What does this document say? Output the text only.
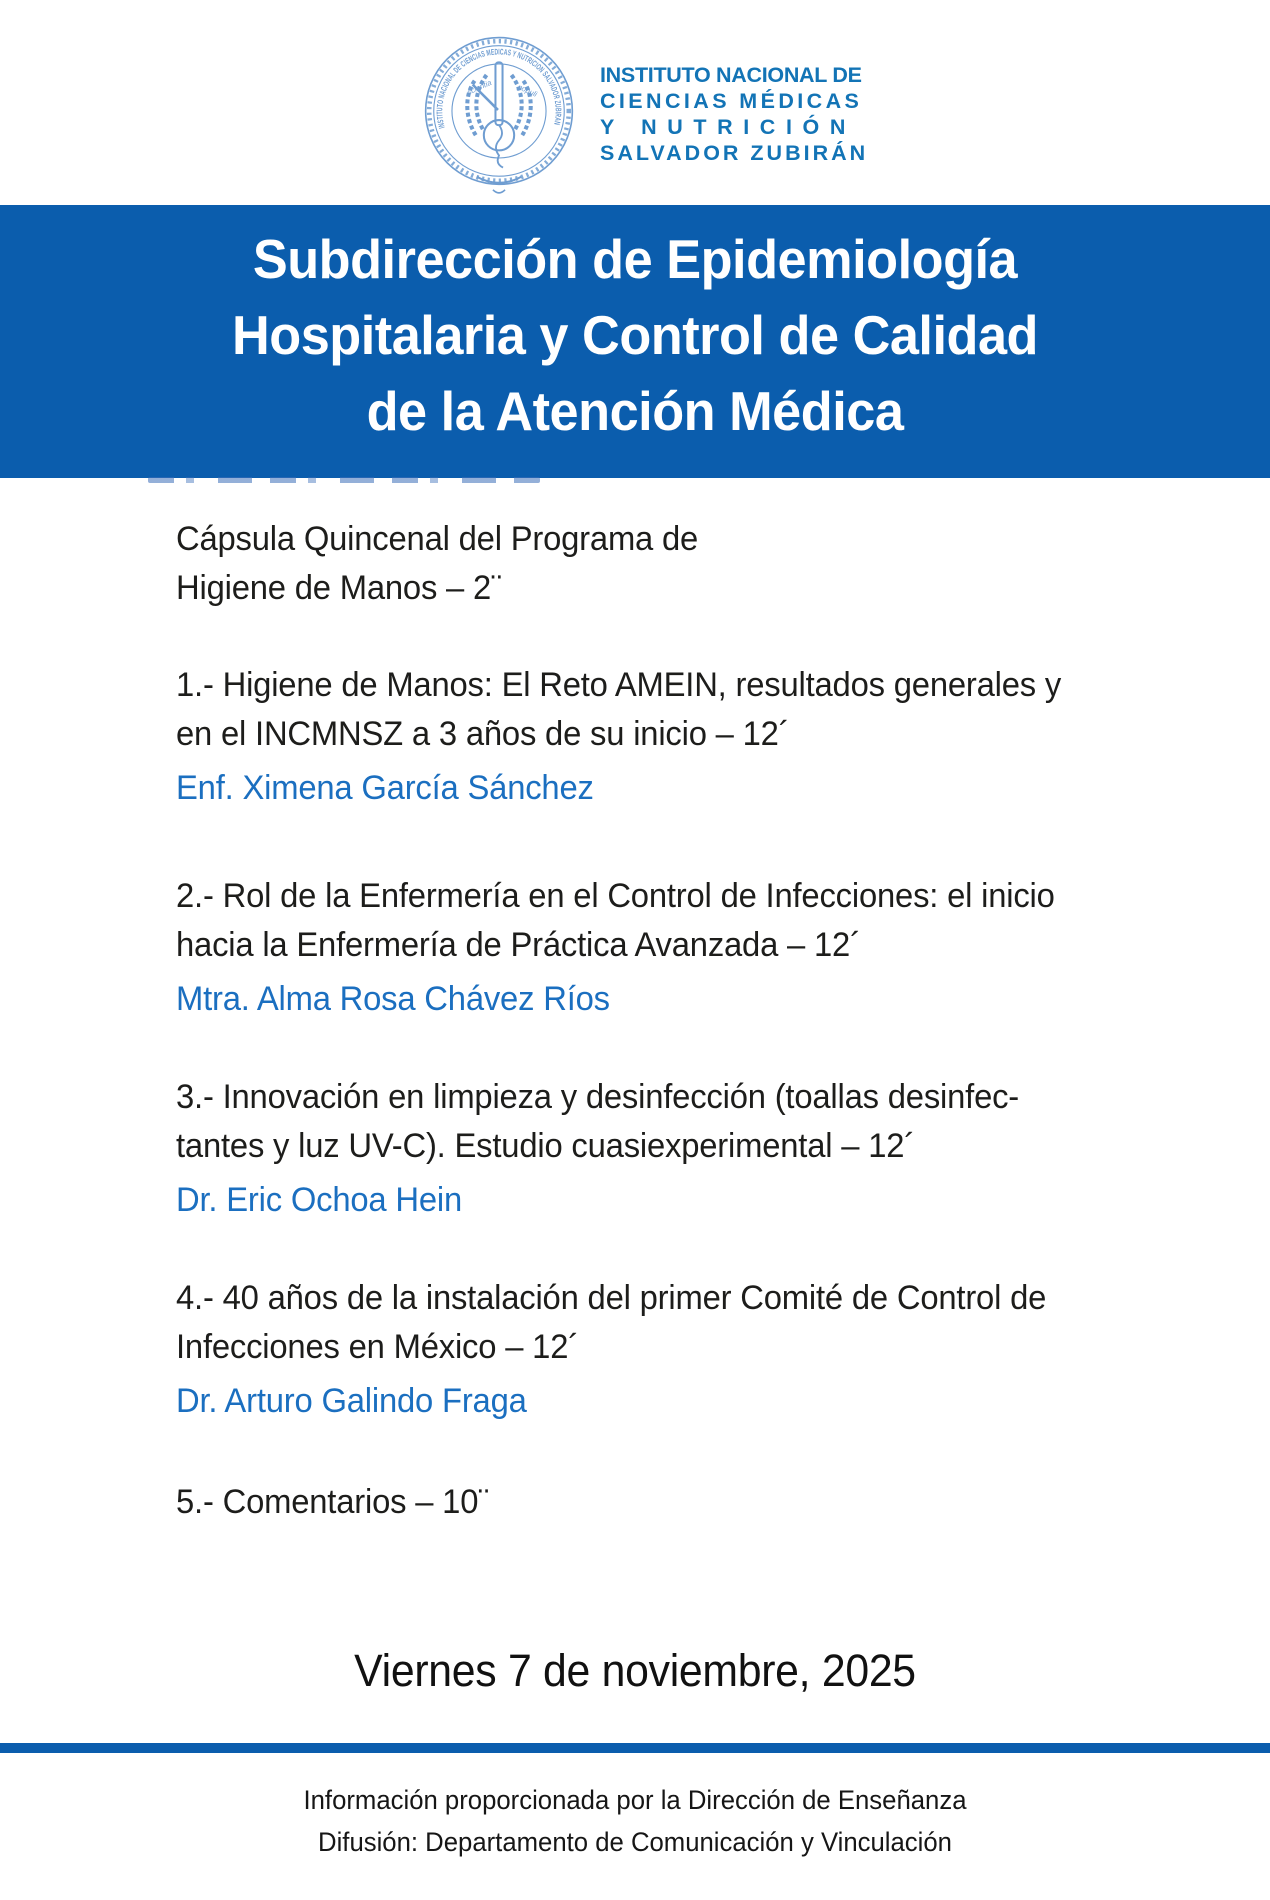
INSTITUTO NACIONAL DE CIENCIAS MEDICAS Y NUTRICION SALVADOR ZUBIRAN
scientia	populi
INSTITUTO NACIONAL DE
CIENCIAS MÉDICAS
Y NUTRICIÓN
SALVADOR ZUBIRÁN
Subdirección de Epidemiología
Hospitalaria y Control de Calidad
de la Atención Médica
Cápsula Quincenal del Programa de
Higiene de Manos – 2¨
1.- Higiene de Manos: El Reto AMEIN, resultados generales y
en el INCMNSZ a 3 años de su inicio – 12´
Enf. Ximena García Sánchez
2.- Rol de la Enfermería en el Control de Infecciones: el inicio
hacia la Enfermería de Práctica Avanzada – 12´
Mtra. Alma Rosa Chávez Ríos
3.- Innovación en limpieza y desinfección (toallas desinfec-
tantes y luz UV-C). Estudio cuasiexperimental – 12´
Dr. Eric Ochoa Hein
4.- 40 años de la instalación del primer Comité de Control de
Infecciones en México – 12´
Dr. Arturo Galindo Fraga
5.- Comentarios – 10¨
Viernes 7 de noviembre, 2025
Información proporcionada por la Dirección de Enseñanza
Difusión: Departamento de Comunicación y Vinculación
